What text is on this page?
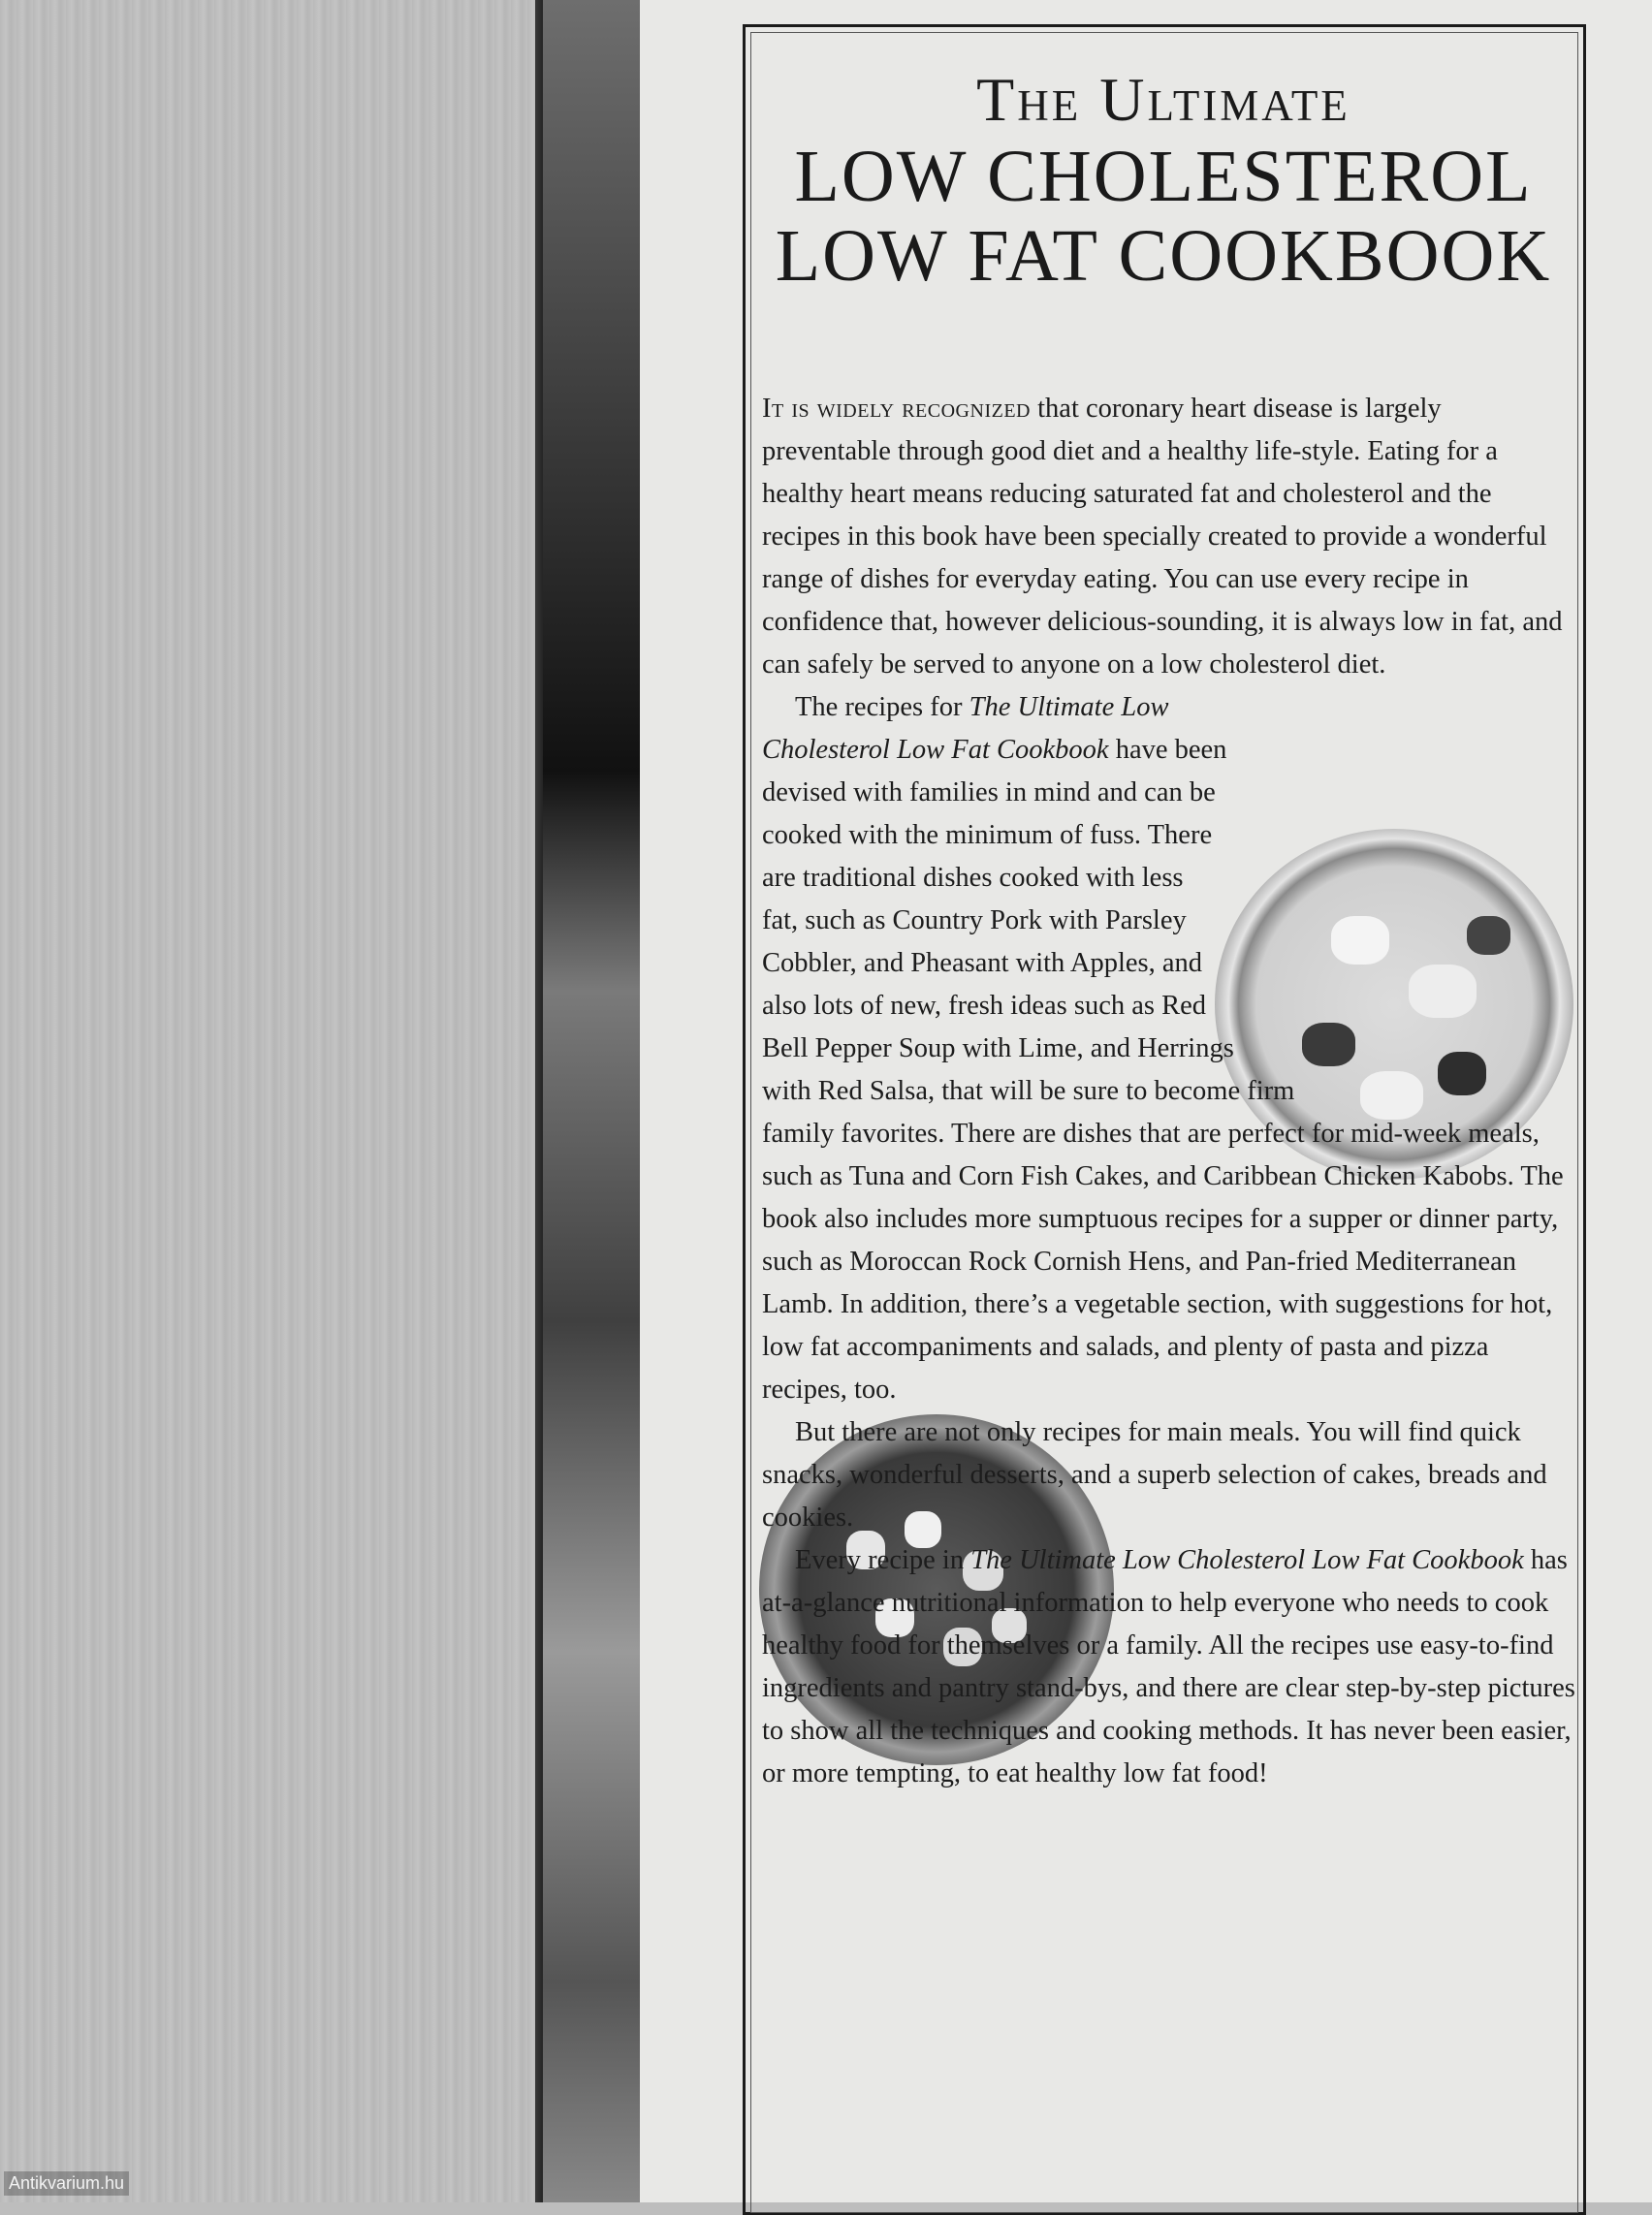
The Ultimate
LOW CHOLESTEROL
LOW FAT COOKBOOK

It is widely recognized that coronary heart disease is largely preventable through good diet and a healthy life-style. Eating for a healthy heart means reducing saturated fat and cholesterol and the recipes in this book have been specially created to provide a wonderful range of dishes for everyday eating. You can use every recipe in confidence that, however delicious-sounding, it is always low in fat, and can safely be served to anyone on a low cholesterol diet.

The recipes for The Ultimate Low Cholesterol Low Fat Cookbook have been devised with families in mind and can be cooked with the minimum of fuss. There are traditional dishes cooked with less fat, such as Country Pork with Parsley Cobbler, and Pheasant with Apples, and also lots of new, fresh ideas such as Red Bell Pepper Soup with Lime, and Herrings with Red Salsa, that will be sure to become firm family favorites. There are dishes that are perfect for mid-week meals, such as Tuna and Corn Fish Cakes, and Caribbean Chicken Kabobs. The book also includes more sumptuous recipes for a supper or dinner party, such as Moroccan Rock Cornish Hens, and Pan-fried Mediterranean Lamb. In addition, there’s a vegetable section, with suggestions for hot, low fat accompaniments and salads, and plenty of pasta and pizza recipes, too.

But there are not only recipes for main meals. You will find quick snacks, wonderful desserts, and a superb selection of cakes, breads and cookies.

Every recipe in The Ultimate Low Cholesterol Low Fat Cookbook has at-a-glance nutritional information to help everyone who needs to cook healthy food for themselves or a family. All the recipes use easy-to-find ingredients and pantry stand-bys, and there are clear step-by-step pictures to show all the techniques and cooking methods. It has never been easier, or more tempting, to eat healthy low fat food!

Antikvarium.hu
